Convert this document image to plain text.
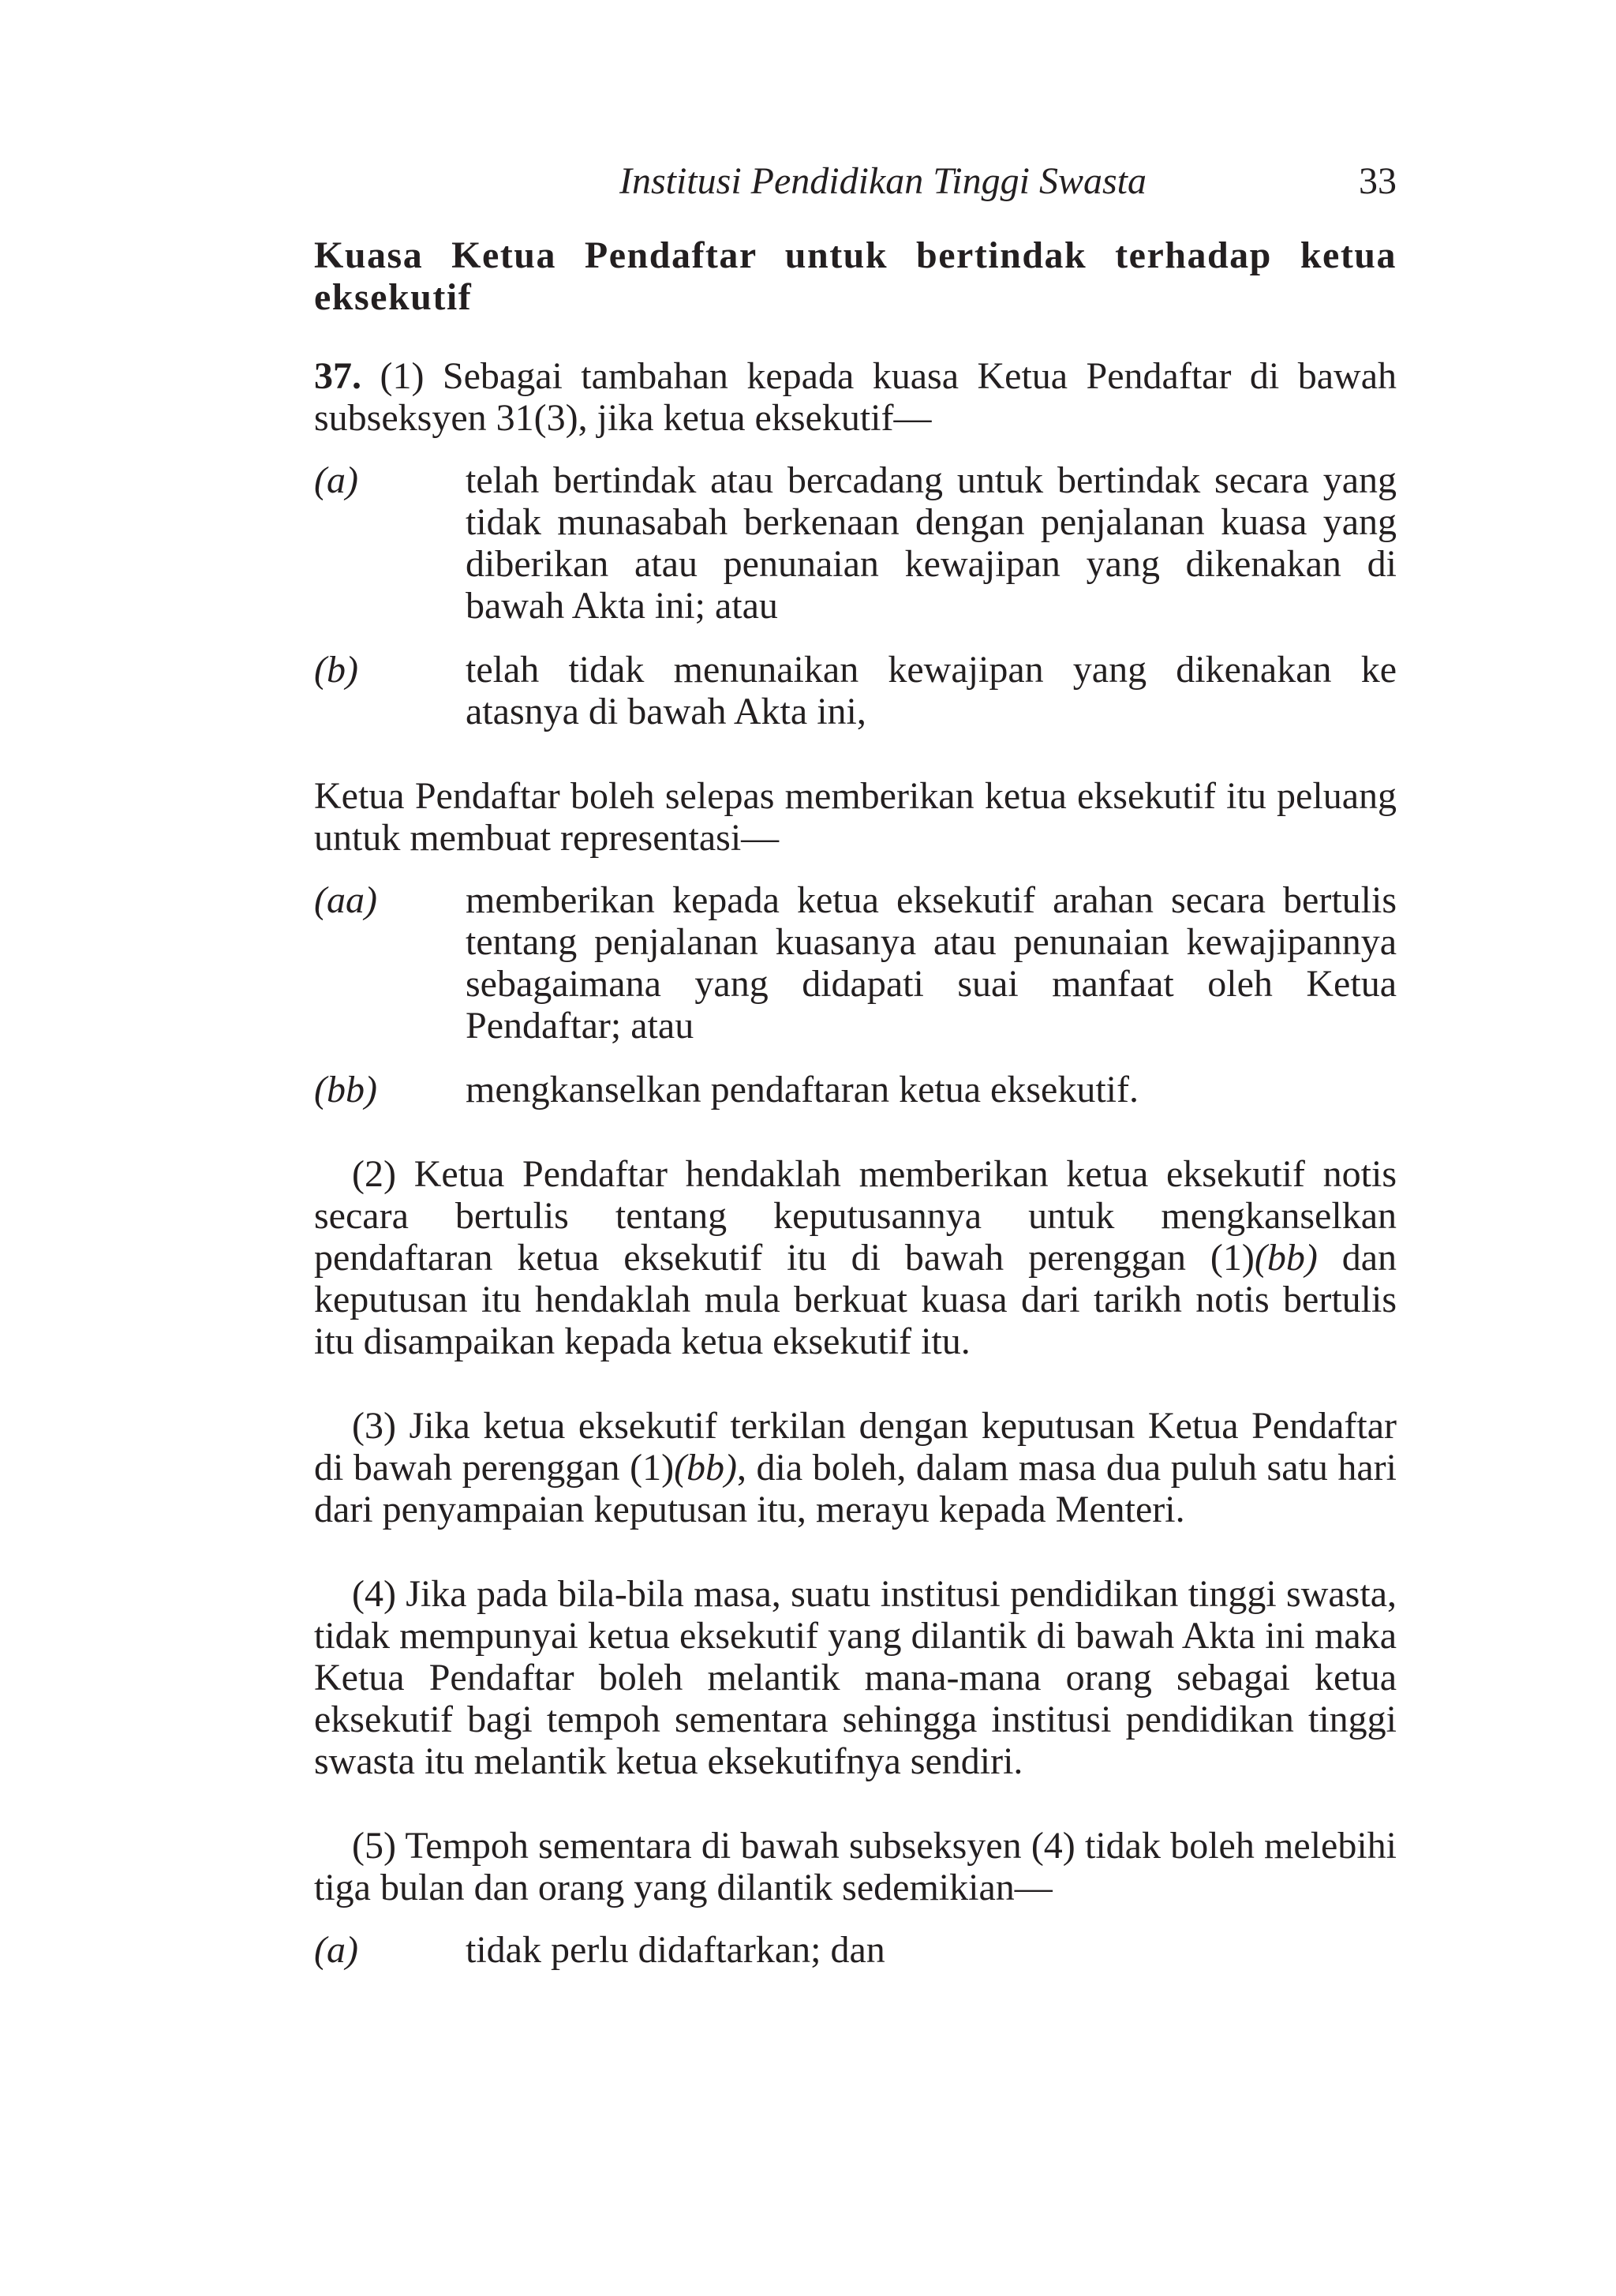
Institusi Pendidikan Tinggi Swasta	33

Kuasa Ketua Pendaftar untuk bertindak terhadap ketua eksekutif

37. (1) Sebagai tambahan kepada kuasa Ketua Pendaftar di bawah subseksyen 31(3), jika ketua eksekutif—

(a)	telah bertindak atau bercadang untuk bertindak secara yang tidak munasabah berkenaan dengan penjalanan kuasa yang diberikan atau penunaian kewajipan yang dikenakan di bawah Akta ini; atau
(b)	telah tidak menunaikan kewajipan yang dikenakan ke atasnya di bawah Akta ini,

Ketua Pendaftar boleh selepas memberikan ketua eksekutif itu peluang untuk membuat representasi—

(aa)	memberikan kepada ketua eksekutif arahan secara bertulis tentang penjalanan kuasanya atau penunaian kewajipannya sebagaimana yang didapati suai manfaat oleh Ketua Pendaftar; atau
(bb)	mengkanselkan pendaftaran ketua eksekutif.

(2) Ketua Pendaftar hendaklah memberikan ketua eksekutif notis secara bertulis tentang keputusannya untuk mengkanselkan pendaftaran ketua eksekutif itu di bawah perenggan (1)(bb) dan keputusan itu hendaklah mula berkuat kuasa dari tarikh notis bertulis itu disampaikan kepada ketua eksekutif itu.

(3) Jika ketua eksekutif terkilan dengan keputusan Ketua Pendaftar di bawah perenggan (1)(bb), dia boleh, dalam masa dua puluh satu hari dari penyampaian keputusan itu, merayu kepada Menteri.

(4) Jika pada bila-bila masa, suatu institusi pendidikan tinggi swasta, tidak mempunyai ketua eksekutif yang dilantik di bawah Akta ini maka Ketua Pendaftar boleh melantik mana-mana orang sebagai ketua eksekutif bagi tempoh sementara sehingga institusi pendidikan tinggi swasta itu melantik ketua eksekutifnya sendiri.

(5) Tempoh sementara di bawah subseksyen (4) tidak boleh melebihi tiga bulan dan orang yang dilantik sedemikian—

(a)	tidak perlu didaftarkan; dan
